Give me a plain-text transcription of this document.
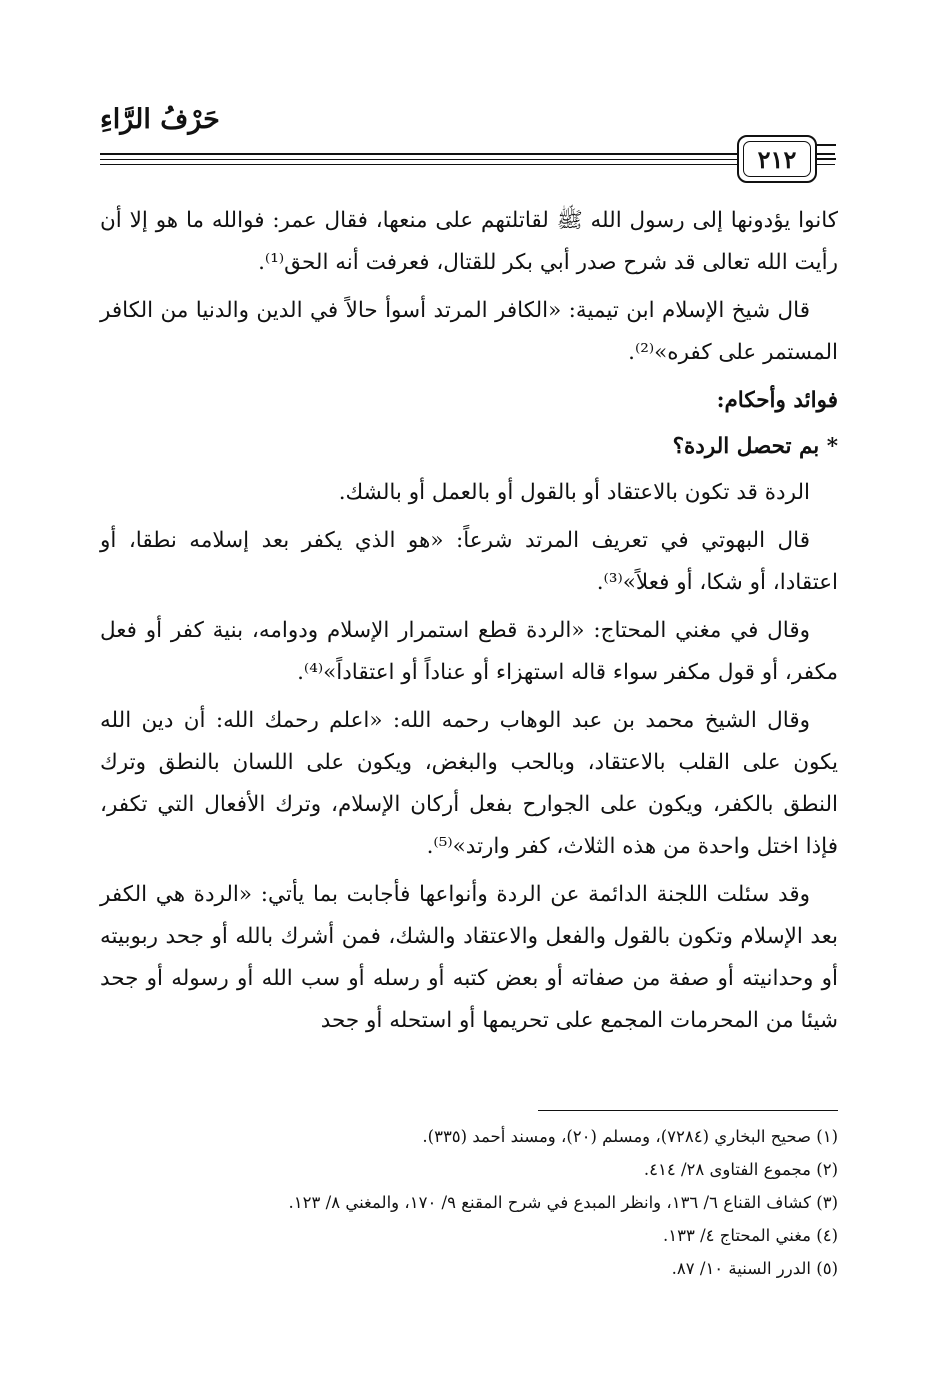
حَرْفُ الرَّاءِ
٢١٢

كانوا يؤدونها إلى رسول الله ﷺ لقاتلتهم على منعها، فقال عمر: فوالله ما هو إلا أن رأيت الله تعالى قد شرح صدر أبي بكر للقتال، فعرفت أنه الحق⁽¹⁾.

قال شيخ الإسلام ابن تيمية: «الكافر المرتد أسوأ حالاً في الدين والدنيا من الكافر المستمر على كفره»⁽²⁾.

فوائد وأحكام:

* بم تحصل الردة؟

الردة قد تكون بالاعتقاد أو بالقول أو بالعمل أو بالشك.

قال البهوتي في تعريف المرتد شرعاً: «هو الذي يكفر بعد إسلامه نطقا، أو اعتقادا، أو شكا، أو فعلاً»⁽³⁾.

وقال في مغني المحتاج: «الردة قطع استمرار الإسلام ودوامه، بنية كفر أو فعل مكفر، أو قول مكفر سواء قاله استهزاء أو عناداً أو اعتقاداً»⁽⁴⁾.

وقال الشيخ محمد بن عبد الوهاب رحمه الله: «اعلم رحمك الله: أن دين الله يكون على القلب بالاعتقاد، وبالحب والبغض، ويكون على اللسان بالنطق وترك النطق بالكفر، ويكون على الجوارح بفعل أركان الإسلام، وترك الأفعال التي تكفر، فإذا اختل واحدة من هذه الثلاث، كفر وارتد»⁽⁵⁾.

وقد سئلت اللجنة الدائمة عن الردة وأنواعها فأجابت بما يأتي: «الردة هي الكفر بعد الإسلام وتكون بالقول والفعل والاعتقاد والشك، فمن أشرك بالله أو جحد ربوبيته أو وحدانيته أو صفة من صفاته أو بعض كتبه أو رسله أو سب الله أو رسوله أو جحد شيئا من المحرمات المجمع على تحريمها أو استحله أو جحد

(١) صحيح البخاري (٧٢٨٤)، ومسلم (٢٠)، ومسند أحمد (٣٣٥).
(٢) مجموع الفتاوى ٢٨/ ٤١٤.
(٣) كشاف القناع ٦/ ١٣٦، وانظر المبدع في شرح المقنع ٩/ ١٧٠، والمغني ٨/ ١٢٣.
(٤) مغني المحتاج ٤/ ١٣٣.
(٥) الدرر السنية ١٠/ ٨٧.
